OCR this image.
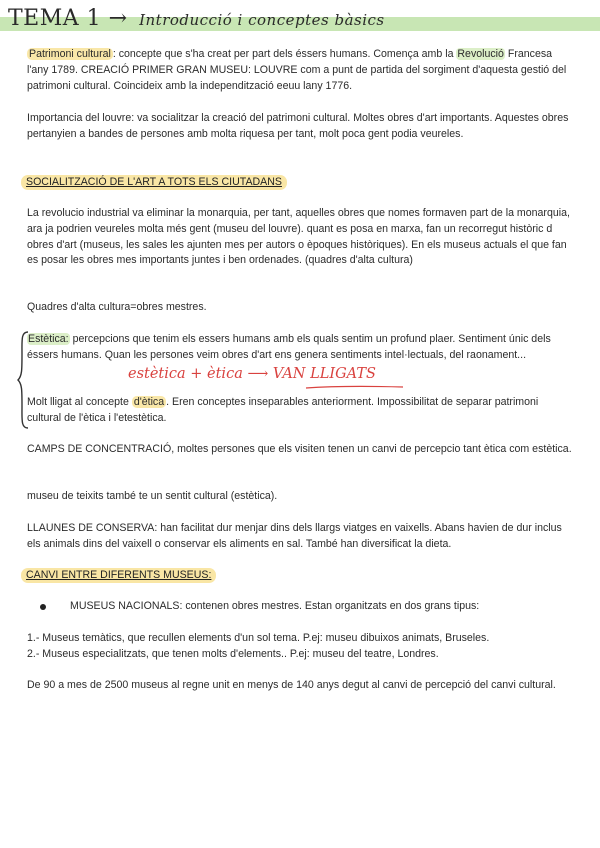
TEMA 1 → Introducció i conceptes bàsics

Patrimoni cultural : concepte que s'ha creat per part dels éssers humans. Comença amb la Revolució Francesa l'any 1789. CREACIÓ PRIMER GRAN MUSEU: LOUVRE com a punt de partida del sorgiment d'aquesta gestió del patrimoni cultural. Coincideix amb la independització eeuu lany 1776.

Importancia del louvre: va socialitzar la creació del patrimoni cultural. Moltes obres d'art importants. Aquestes obres pertanyien a bandes de persones amb molta riquesa per tant, molt poca gent podia veureles.

SOCIALITZACIÓ DE L'ART A TOTS ELS CIUTADANS

La revolucio industrial va eliminar la monarquia, per tant, aquelles obres que nomes formaven part de la monarquia, ara ja podrien veureles molta més gent (museu del louvre). quant es posa en marxa, fan un recorregut històric d obres d'art (museus, les sales les ajunten mes per autors o èpoques històriques). En els museus actuals el que fan es posar les obres mes importants juntes i ben ordenades. (quadres d'alta cultura)

Quadres d'alta cultura=obres mestres.

Estètica: percepcions que tenim els essers humans amb els quals sentim un profund plaer. Sentiment únic dels éssers humans. Quan les persones veim obres d'art ens genera sentiments intel·lectuals, del raonament...

estètica + ètica ⟶ VAN LLIGATS

Molt lligat al concepte d'ètica . Eren conceptes inseparables anteriorment. Impossibilitat de separar patrimoni cultural de l'ètica i l'etestètica.

CAMPS DE CONCENTRACIÓ, moltes persones que els visiten tenen un canvi de percepcio tant ètica com estètica.

museu de teixits també te un sentit cultural (estètica).

LLAUNES DE CONSERVA: han facilitat dur menjar dins dels llargs viatges en vaixells. Abans havien de dur inclus els animals dins del vaixell o conservar els aliments en sal. També han diversificat la dieta.

CANVI ENTRE DIFERENTS MUSEUS:

MUSEUS NACIONALS: contenen obres mestres. Estan organitzats en dos grans tipus:

1.- Museus temàtics, que recullen elements d'un sol tema. P.ej: museu dibuixos animats, Bruseles.

2.- Museus especialitzats, que tenen molts d'elements.. P.ej: museu del teatre, Londres.

De 90 a mes de 2500 museus al regne unit en menys de 140 anys degut al canvi de percepció del canvi cultural.
